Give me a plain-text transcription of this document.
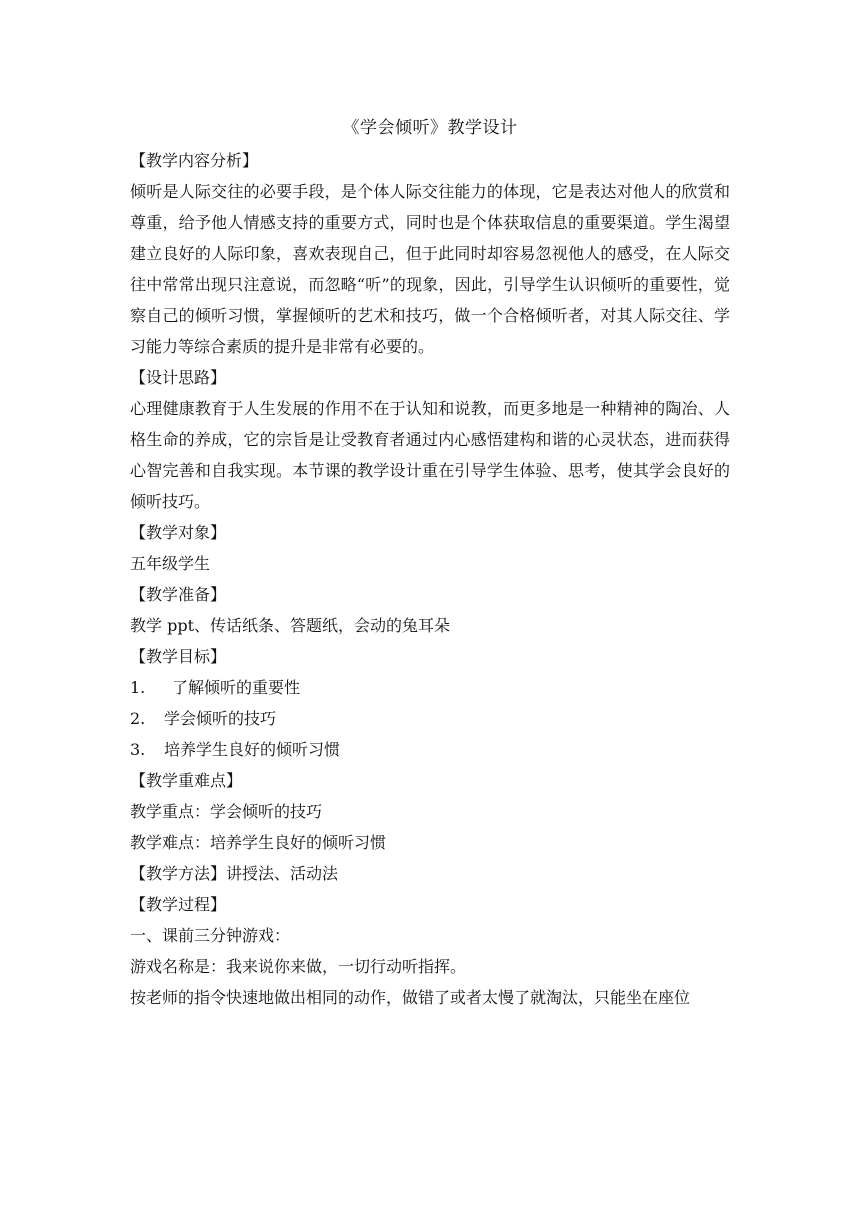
《学会倾听》教学设计
【教学内容分析】
倾听是人际交往的必要手段，是个体人际交往能力的体现，它是表达对他人的欣赏和尊重，给予他人情感支持的重要方式，同时也是个体获取信息的重要渠道。学生渴望建立良好的人际印象，喜欢表现自己，但于此同时却容易忽视他人的感受，在人际交往中常常出现只注意说，而忽略“听”的现象，因此，引导学生认识倾听的重要性，觉察自己的倾听习惯，掌握倾听的艺术和技巧，做一个合格倾听者，对其人际交往、学习能力等综合素质的提升是非常有必要的。
【设计思路】
心理健康教育于人生发展的作用不在于认知和说教，而更多地是一种精神的陶冶、人格生命的养成，它的宗旨是让受教育者通过内心感悟建构和谐的心灵状态，进而获得心智完善和自我实现。本节课的教学设计重在引导学生体验、思考，使其学会良好的倾听技巧。
【教学对象】
五年级学生
【教学准备】
教学 ppt、传话纸条、答题纸，会动的兔耳朵
【教学目标】
1. 了解倾听的重要性
2. 学会倾听的技巧
3. 培养学生良好的倾听习惯
【教学重难点】
教学重点：学会倾听的技巧
教学难点：培养学生良好的倾听习惯
【教学方法】讲授法、活动法
【教学过程】
一、课前三分钟游戏：
游戏名称是：我来说你来做，一切行动听指挥。
按老师的指令快速地做出相同的动作，做错了或者太慢了就淘汰，只能坐在座位
